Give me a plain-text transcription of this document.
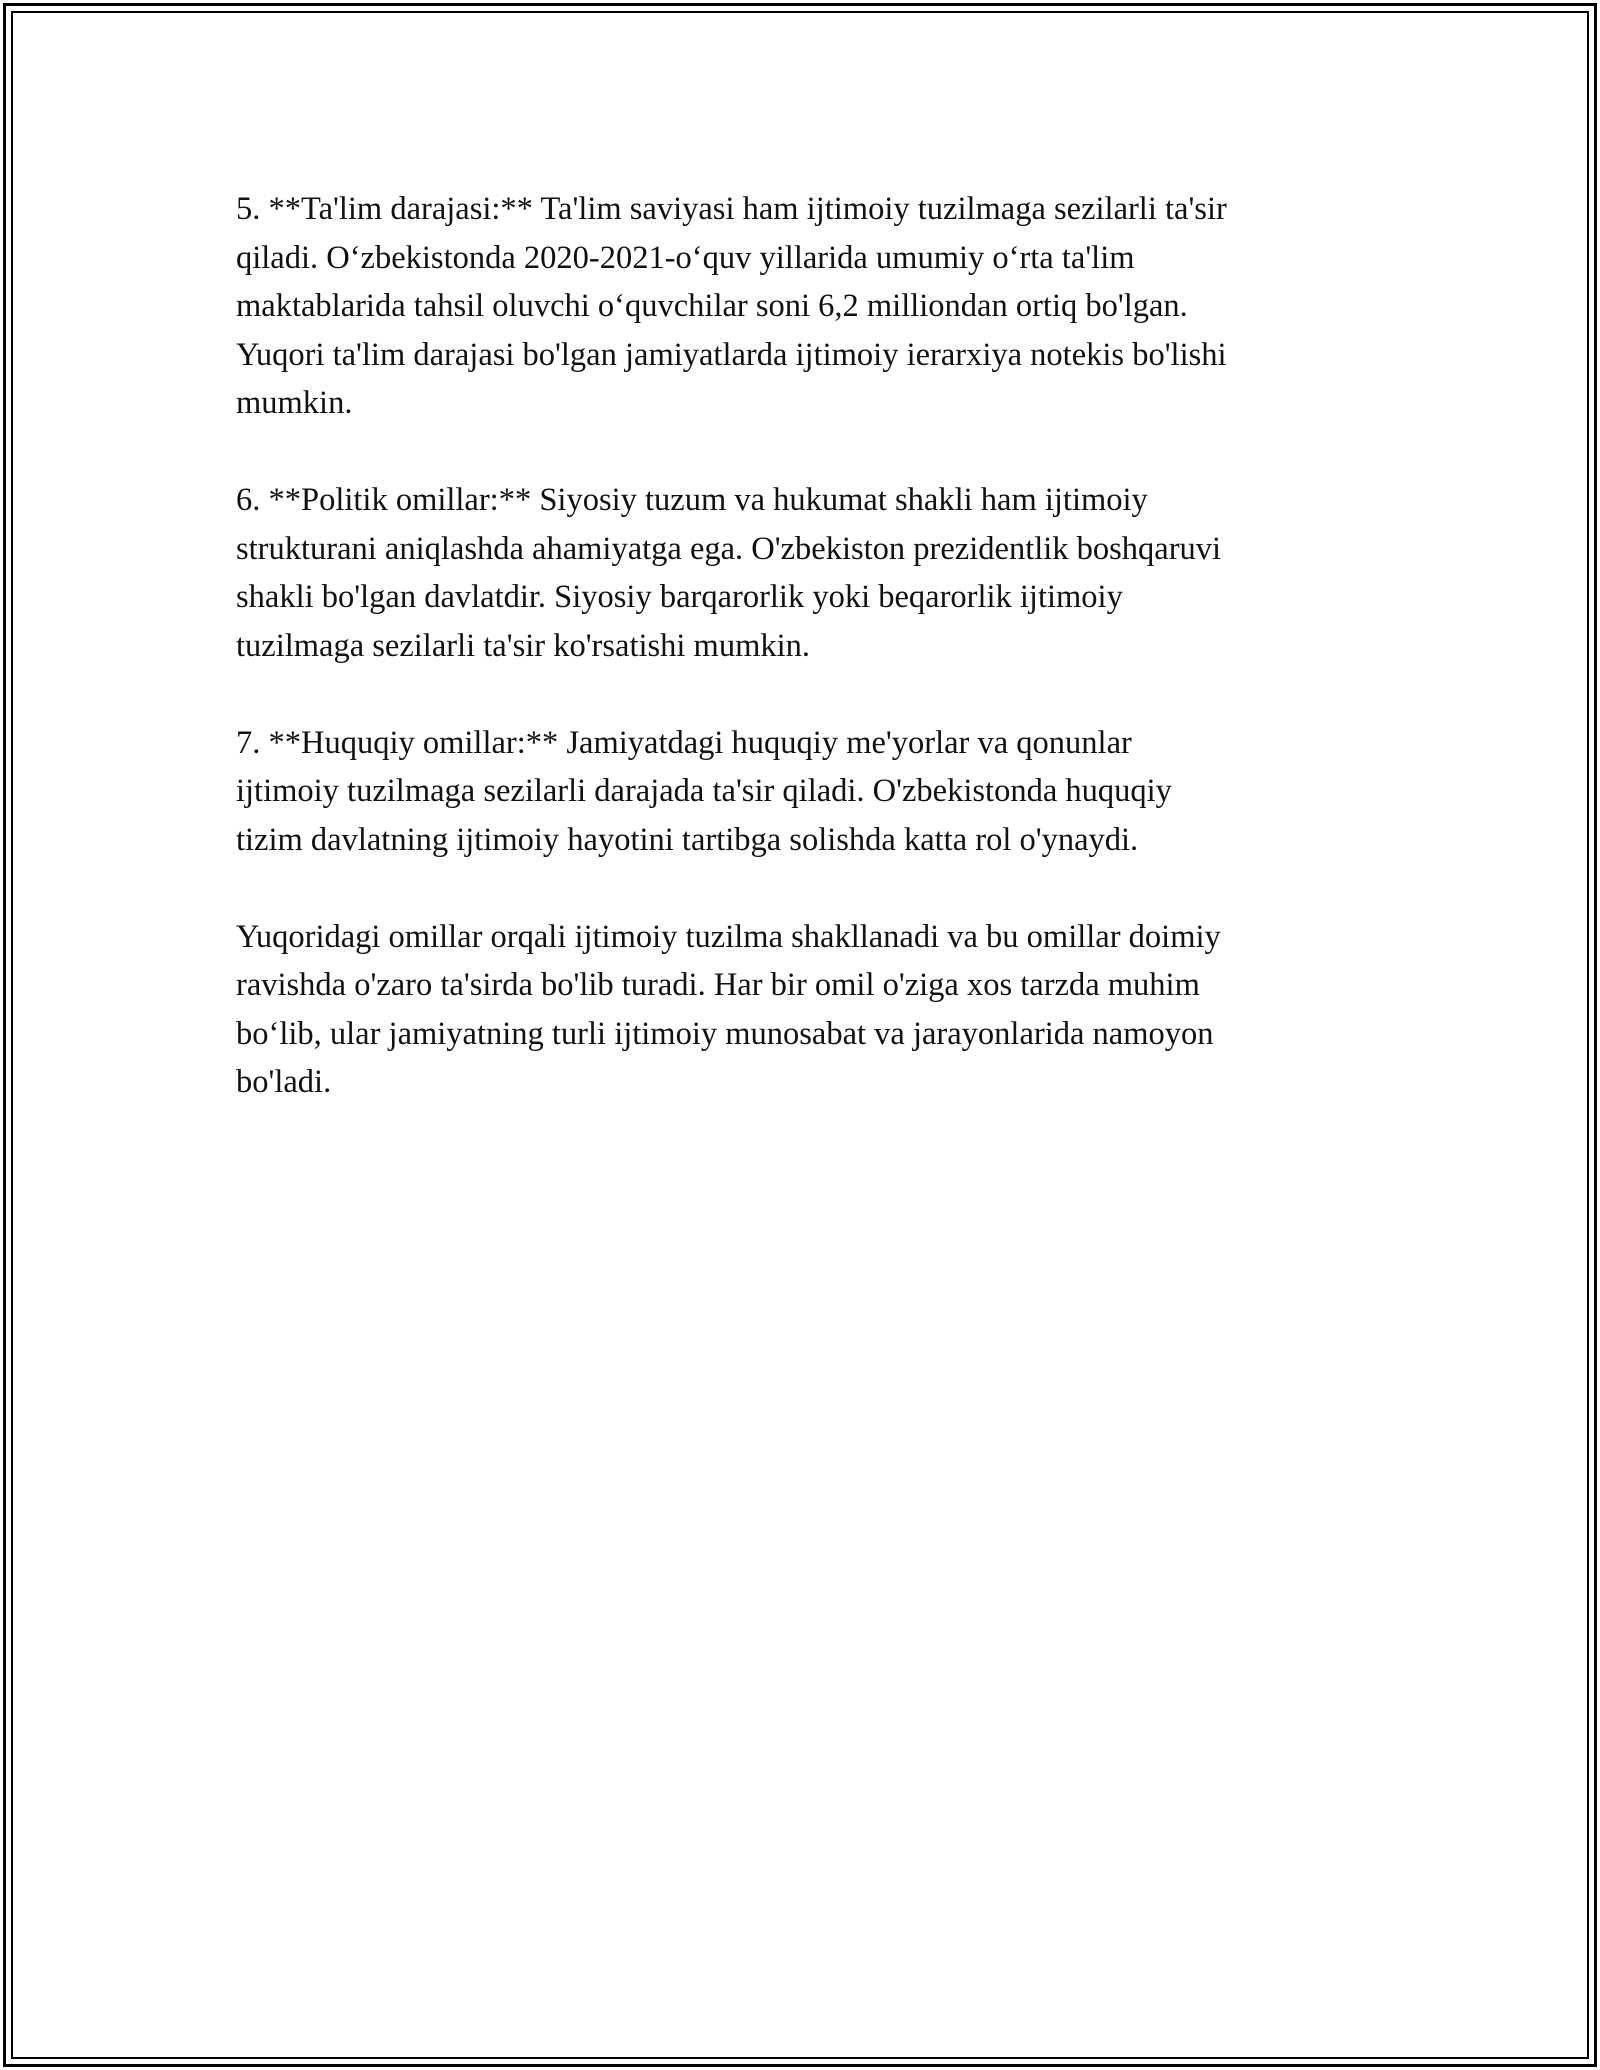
5. **Ta'lim darajasi:** Ta'lim saviyasi ham ijtimoiy tuzilmaga sezilarli ta'sir
qiladi. O‘zbekistonda 2020-2021-o‘quv yillarida umumiy o‘rta ta'lim
maktablarida tahsil oluvchi o‘quvchilar soni 6,2 milliondan ortiq bo'lgan.
Yuqori ta'lim darajasi bo'lgan jamiyatlarda ijtimoiy ierarxiya notekis bo'lishi
mumkin.

6. **Politik omillar:** Siyosiy tuzum va hukumat shakli ham ijtimoiy
strukturani aniqlashda ahamiyatga ega. O'zbekiston prezidentlik boshqaruvi
shakli bo'lgan davlatdir. Siyosiy barqarorlik yoki beqarorlik ijtimoiy
tuzilmaga sezilarli ta'sir ko'rsatishi mumkin.

7. **Huquqiy omillar:** Jamiyatdagi huquqiy me'yorlar va qonunlar
ijtimoiy tuzilmaga sezilarli darajada ta'sir qiladi. O'zbekistonda huquqiy
tizim davlatning ijtimoiy hayotini tartibga solishda katta rol o'ynaydi.

Yuqoridagi omillar orqali ijtimoiy tuzilma shakllanadi va bu omillar doimiy
ravishda o'zaro ta'sirda bo'lib turadi. Har bir omil o'ziga xos tarzda muhim
bo‘lib, ular jamiyatning turli ijtimoiy munosabat va jarayonlarida namoyon
bo'ladi.
